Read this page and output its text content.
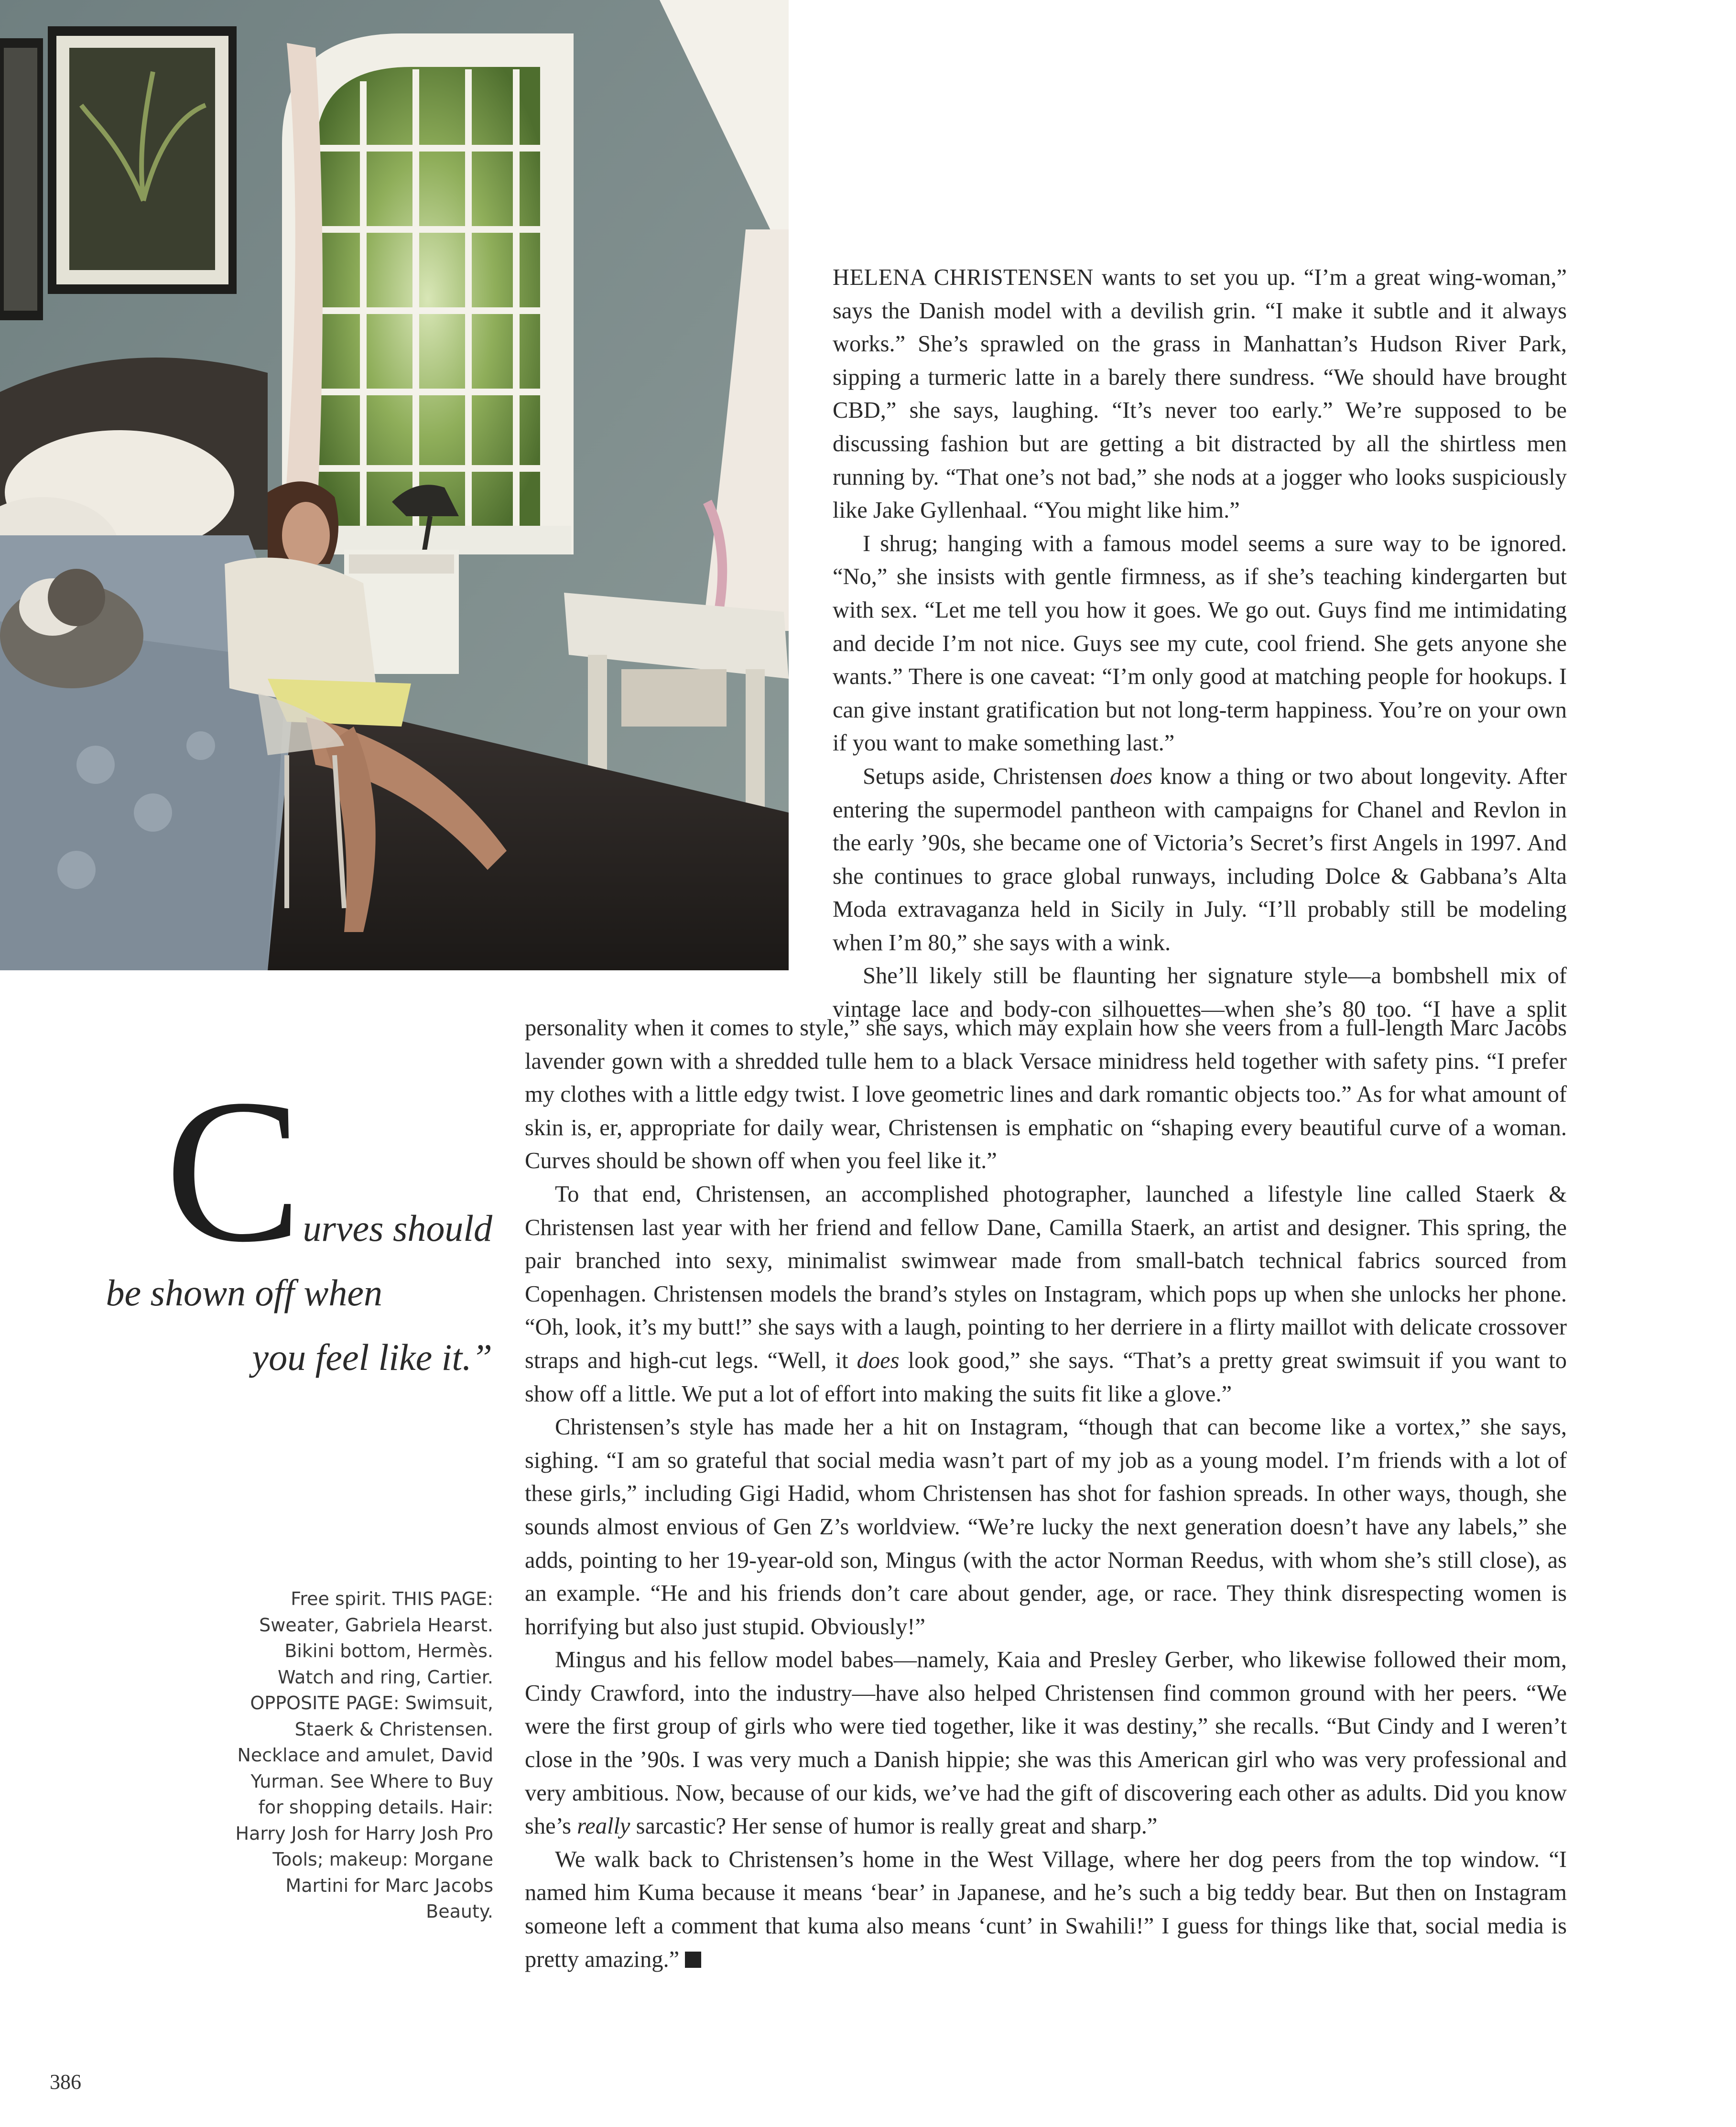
HELENA CHRISTENSEN wants to set you up. “I’m a great wing-woman,” says the Danish model with a devilish grin. “I make it subtle and it always works.” She’s sprawled on the grass in Manhattan’s Hudson River Park, sipping a turmeric latte in a barely there sundress. “We should have brought CBD,” she says, laughing. “It’s never too early.” We’re supposed to be discussing fashion but are getting a bit distracted by all the shirtless men running by. “That one’s not bad,” she nods at a jogger who looks suspiciously like Jake Gyllenhaal. “You might like him.”

I shrug; hanging with a famous model seems a sure way to be ignored. “No,” she insists with gentle firmness, as if she’s teaching kindergarten but with sex. “Let me tell you how it goes. We go out. Guys find me intimidating and decide I’m not nice. Guys see my cute, cool friend. She gets anyone she wants.” There is one caveat: “I’m only good at matching people for hookups. I can give instant gratification but not long-term happiness. You’re on your own if you want to make something last.”

Setups aside, Christensen does know a thing or two about longevity. After entering the supermodel pantheon with campaigns for Chanel and Revlon in the early ’90s, she became one of Victoria’s Secret’s first Angels in 1997. And she continues to grace global runways, including Dolce & Gabbana’s Alta Moda extravaganza held in Sicily in July. “I’ll probably still be modeling when I’m 80,” she says with a wink.

She’ll likely still be flaunting her signature style—a bombshell mix of vintage lace and body-con silhouettes—when she’s 80 too. “I have a split

personality when it comes to style,” she says, which may explain how she veers from a full-length Marc Jacobs lavender gown with a shredded tulle hem to a black Versace minidress held together with safety pins. “I prefer my clothes with a little edgy twist. I love geometric lines and dark romantic objects too.” As for what amount of skin is, er, appropriate for daily wear, Christensen is emphatic on “shaping every beautiful curve of a woman. Curves should be shown off when you feel like it.”

To that end, Christensen, an accomplished photographer, launched a lifestyle line called Staerk & Christensen last year with her friend and fellow Dane, Camilla Staerk, an artist and designer. This spring, the pair branched into sexy, minimalist swimwear made from small-batch technical fabrics sourced from Copenhagen. Christensen models the brand’s styles on Instagram, which pops up when she unlocks her phone. “Oh, look, it’s my butt!” she says with a laugh, pointing to her derriere in a flirty maillot with delicate crossover straps and high-cut legs. “Well, it does look good,” she says. “That’s a pretty great swimsuit if you want to show off a little. We put a lot of effort into making the suits fit like a glove.”

Christensen’s style has made her a hit on Instagram, “though that can become like a vortex,” she says, sighing. “I am so grateful that social media wasn’t part of my job as a young model. I’m friends with a lot of these girls,” including Gigi Hadid, whom Christensen has shot for fashion spreads. In other ways, though, she sounds almost envious of Gen Z’s worldview. “We’re lucky the next generation doesn’t have any labels,” she adds, pointing to her 19-year-old son, Mingus (with the actor Norman Reedus, with whom she’s still close), as an example. “He and his friends don’t care about gender, age, or race. They think disrespecting women is horrifying but also just stupid. Obviously!”

Mingus and his fellow model babes—namely, Kaia and Presley Gerber, who likewise followed their mom, Cindy Crawford, into the industry—have also helped Christensen find common ground with her peers. “We were the first group of girls who were tied together, like it was destiny,” she recalls. “But Cindy and I weren’t close in the ’90s. I was very much a Danish hippie; she was this American girl who was very professional and very ambitious. Now, because of our kids, we’ve had the gift of discovering each other as adults. Did you know she’s really sarcastic? Her sense of humor is really great and sharp.”

We walk back to Christensen’s home in the West Village, where her dog peers from the top window. “I named him Kuma because it means ‘bear’ in Japanese, and he’s such a big teddy bear. But then on Instagram someone left a comment that kuma also means ‘cunt’ in Swahili!” I guess for things like that, social media is pretty amazing.”

C urves should
be shown off when
you feel like it.”

Free spirit. THIS PAGE: Sweater, Gabriela Hearst. Bikini bottom, Hermès. Watch and ring, Cartier. OPPOSITE PAGE: Swimsuit, Staerk & Christensen. Necklace and amulet, David Yurman. See Where to Buy for shopping details. Hair: Harry Josh for Harry Josh Pro Tools; makeup: Morgane Martini for Marc Jacobs Beauty.

386
